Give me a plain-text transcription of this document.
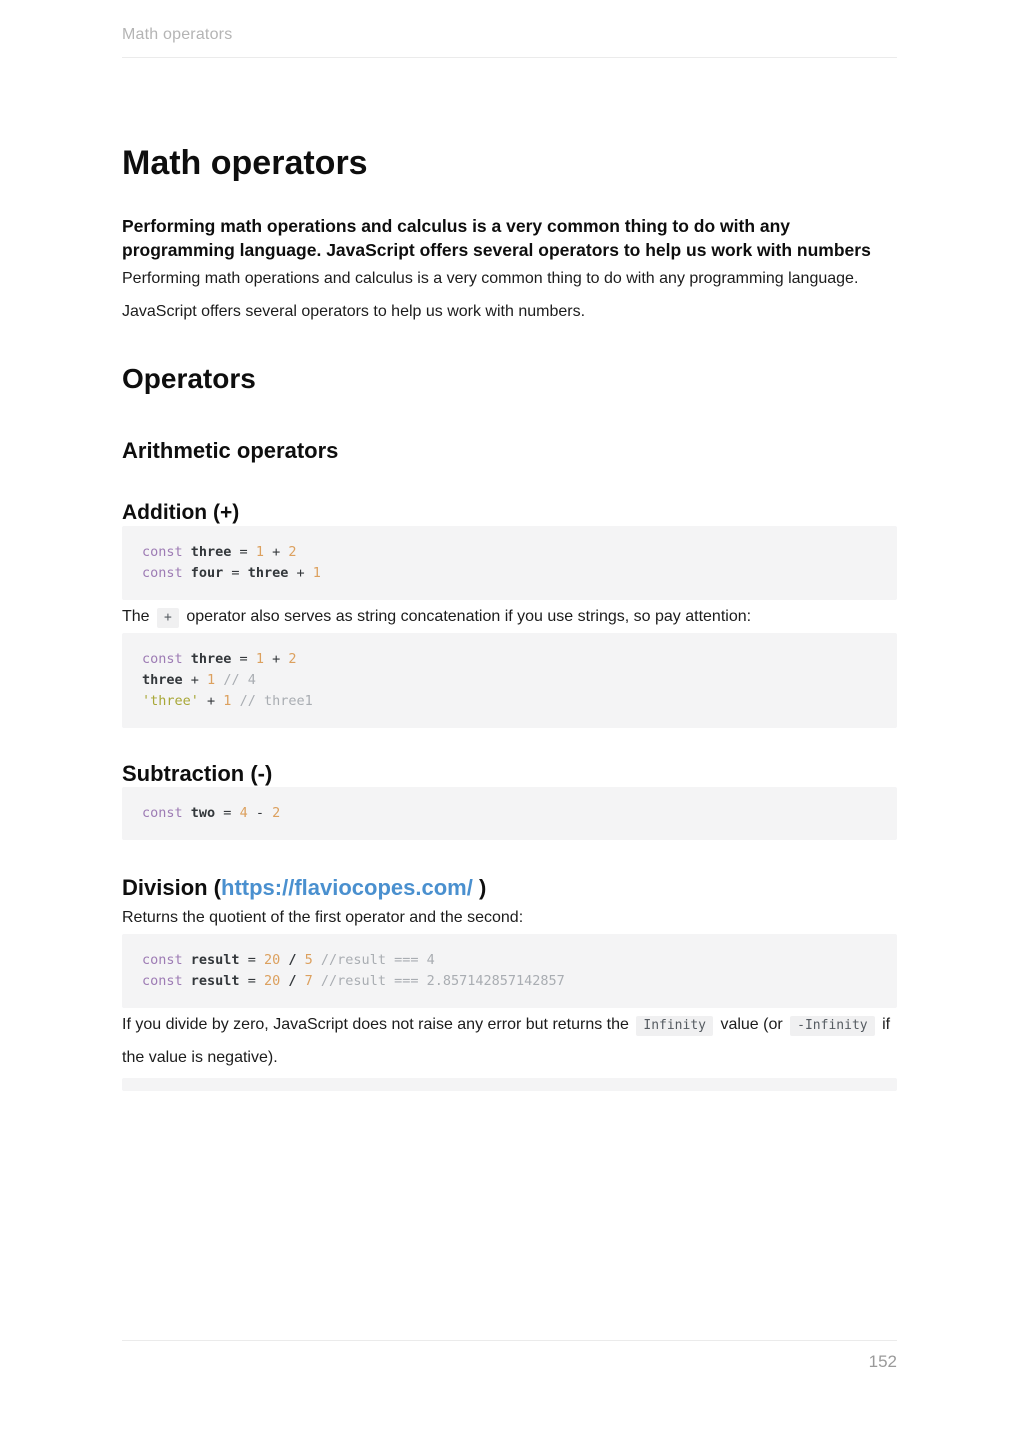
Math operators
Math operators

Performing math operations and calculus is a very common thing to do with any programming language. JavaScript offers several operators to help us work with numbers

Performing math operations and calculus is a very common thing to do with any programming language.

JavaScript offers several operators to help us work with numbers.

Operators
Arithmetic operators
Addition (+)
const three = 1 + 2
const four = three + 1

The + operator also serves as string concatenation if you use strings, so pay attention:

const three = 1 + 2
three + 1 // 4
'three' + 1 // three1
Subtraction (-)
const two = 4 - 2
Division (https://flaviocopes.com/ )

Returns the quotient of the first operator and the second:

const result = 20 / 5 //result === 4
const result = 20 / 7 //result === 2.857142857142857

If you divide by zero, JavaScript does not raise any error but returns the Infinity value (or -Infinity if the value is negative).

152
